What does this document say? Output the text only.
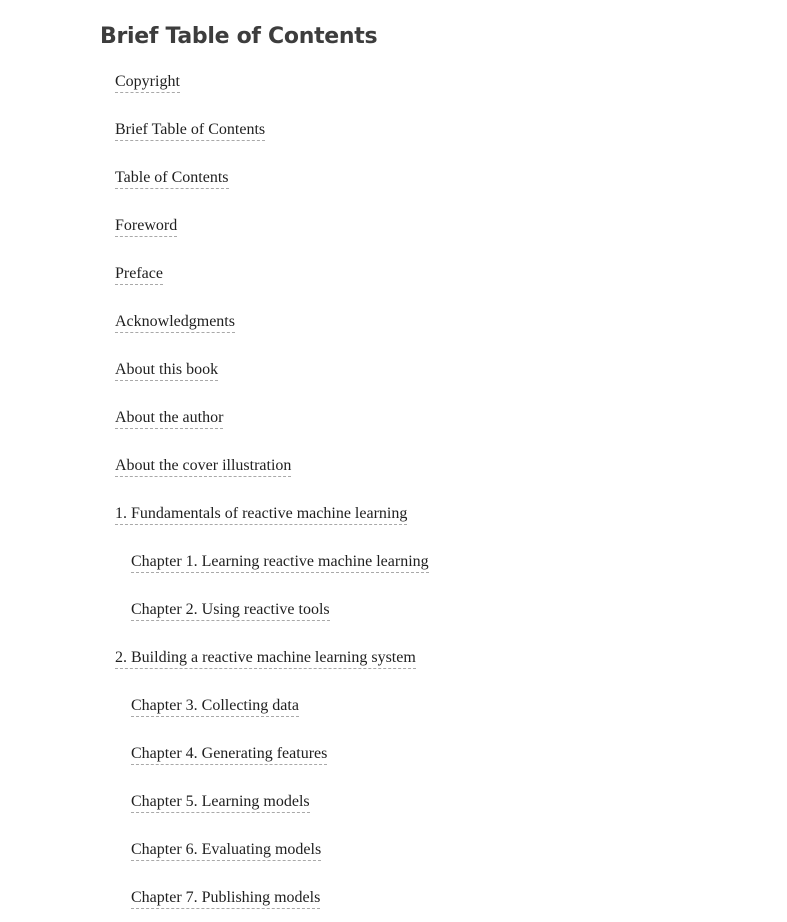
Brief Table of Contents
Copyright
Brief Table of Contents
Table of Contents
Foreword
Preface
Acknowledgments
About this book
About the author
About the cover illustration
1. Fundamentals of reactive machine learning
Chapter 1. Learning reactive machine learning
Chapter 2. Using reactive tools
2. Building a reactive machine learning system
Chapter 3. Collecting data
Chapter 4. Generating features
Chapter 5. Learning models
Chapter 6. Evaluating models
Chapter 7. Publishing models
